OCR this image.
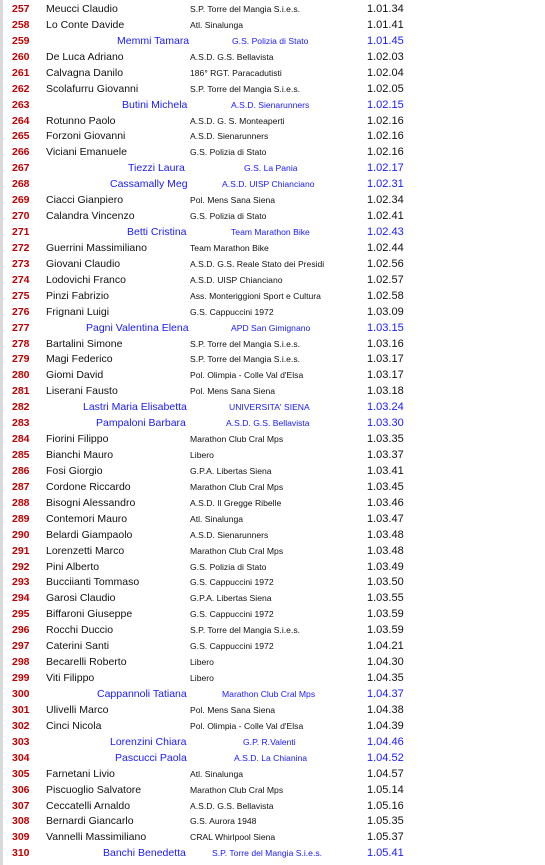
257 Meucci Claudio	S.P. Torre del Mangia S.i.e.s.	1.01.34
258 Lo Conte Davide	Atl. Sinalunga	1.01.41
259	Memmi Tamara	G.S. Polizia di Stato	1.01.45
260 De Luca Adriano	A.S.D. G.S. Bellavista	1.02.03
261 Calvagna Danilo	186° RGT. Paracadutisti	1.02.04
262 Scolafurru Giovanni	S.P. Torre del Mangia S.i.e.s.	1.02.05
263	Butini Michela	A.S.D. Sienarunners	1.02.15
264 Rotunno Paolo	A.S.D. G. S. Monteaperti	1.02.16
265 Forzoni Giovanni	A.S.D. Sienarunners	1.02.16
266 Viciani Emanuele	G.S. Polizia di Stato	1.02.16
267	Tiezzi Laura	G.S. La Pania	1.02.17
268	Cassamally Meg	A.S.D. UISP Chianciano	1.02.31
269 Ciacci Gianpiero	Pol. Mens Sana Siena	1.02.34
270 Calandra Vincenzo	G.S. Polizia di Stato	1.02.41
271	Betti Cristina	Team Marathon Bike	1.02.43
272 Guerrini Massimiliano	Team Marathon Bike	1.02.44
273 Giovani Claudio	A.S.D. G.S. Reale Stato dei Presidi	1.02.56
274 Lodovichi Franco	A.S.D. UISP Chianciano	1.02.57
275 Pinzi Fabrizio	Ass. Monteriggioni Sport e Cultura	1.02.58
276 Frignani Luigi	G.S. Cappuccini 1972	1.03.09
277	Pagni Valentina Elena	APD San Gimignano	1.03.15
278 Bartalini Simone	S.P. Torre del Mangia S.i.e.s.	1.03.16
279 Magi Federico	S.P. Torre del Mangia S.i.e.s.	1.03.17
280 Giomi David	Pol. Olimpia - Colle Val d'Elsa	1.03.17
281 Liserani Fausto	Pol. Mens Sana Siena	1.03.18
282	Lastri Maria Elisabetta	UNIVERSITA' SIENA	1.03.24
283	Pampaloni Barbara	A.S.D. G.S. Bellavista	1.03.30
284 Fiorini Filippo	Marathon Club Cral Mps	1.03.35
285 Bianchi Mauro	Libero	1.03.37
286 Fosi Giorgio	G.P.A. Libertas Siena	1.03.41
287 Cordone Riccardo	Marathon Club Cral Mps	1.03.45
288 Bisogni Alessandro	A.S.D. Il Gregge Ribelle	1.03.46
289 Contemori Mauro	Atl. Sinalunga	1.03.47
290 Belardi Giampaolo	A.S.D. Sienarunners	1.03.48
291 Lorenzetti Marco	Marathon Club Cral Mps	1.03.48
292 Pini Alberto	G.S. Polizia di Stato	1.03.49
293 Bucciianti Tommaso	G.S. Cappuccini 1972	1.03.50
294 Garosi Claudio	G.P.A. Libertas Siena	1.03.55
295 Biffaroni Giuseppe	G.S. Cappuccini 1972	1.03.59
296 Rocchi Duccio	S.P. Torre del Mangia S.i.e.s.	1.03.59
297 Caterini Santi	G.S. Cappuccini 1972	1.04.21
298 Becarelli Roberto	Libero	1.04.30
299 Viti Filippo	Libero	1.04.35
300	Cappannoli Tatiana	Marathon Club Cral Mps	1.04.37
301 Ulivelli Marco	Pol. Mens Sana Siena	1.04.38
302 Cinci Nicola	Pol. Olimpia - Colle Val d'Elsa	1.04.39
303	Lorenzini Chiara	G.P. R.Valenti	1.04.46
304	Pascucci Paola	A.S.D. La Chianina	1.04.52
305 Farnetani Livio	Atl. Sinalunga	1.04.57
306 Piscuoglio Salvatore	Marathon Club Cral Mps	1.05.14
307 Ceccatelli Arnaldo	A.S.D. G.S. Bellavista	1.05.16
308 Bernardi Giancarlo	G.S. Aurora 1948	1.05.35
309 Vannelli Massimiliano	CRAL Whirlpool Siena	1.05.37
310	Banchi Benedetta	S.P. Torre del Mangia S.i.e.s.	1.05.41
